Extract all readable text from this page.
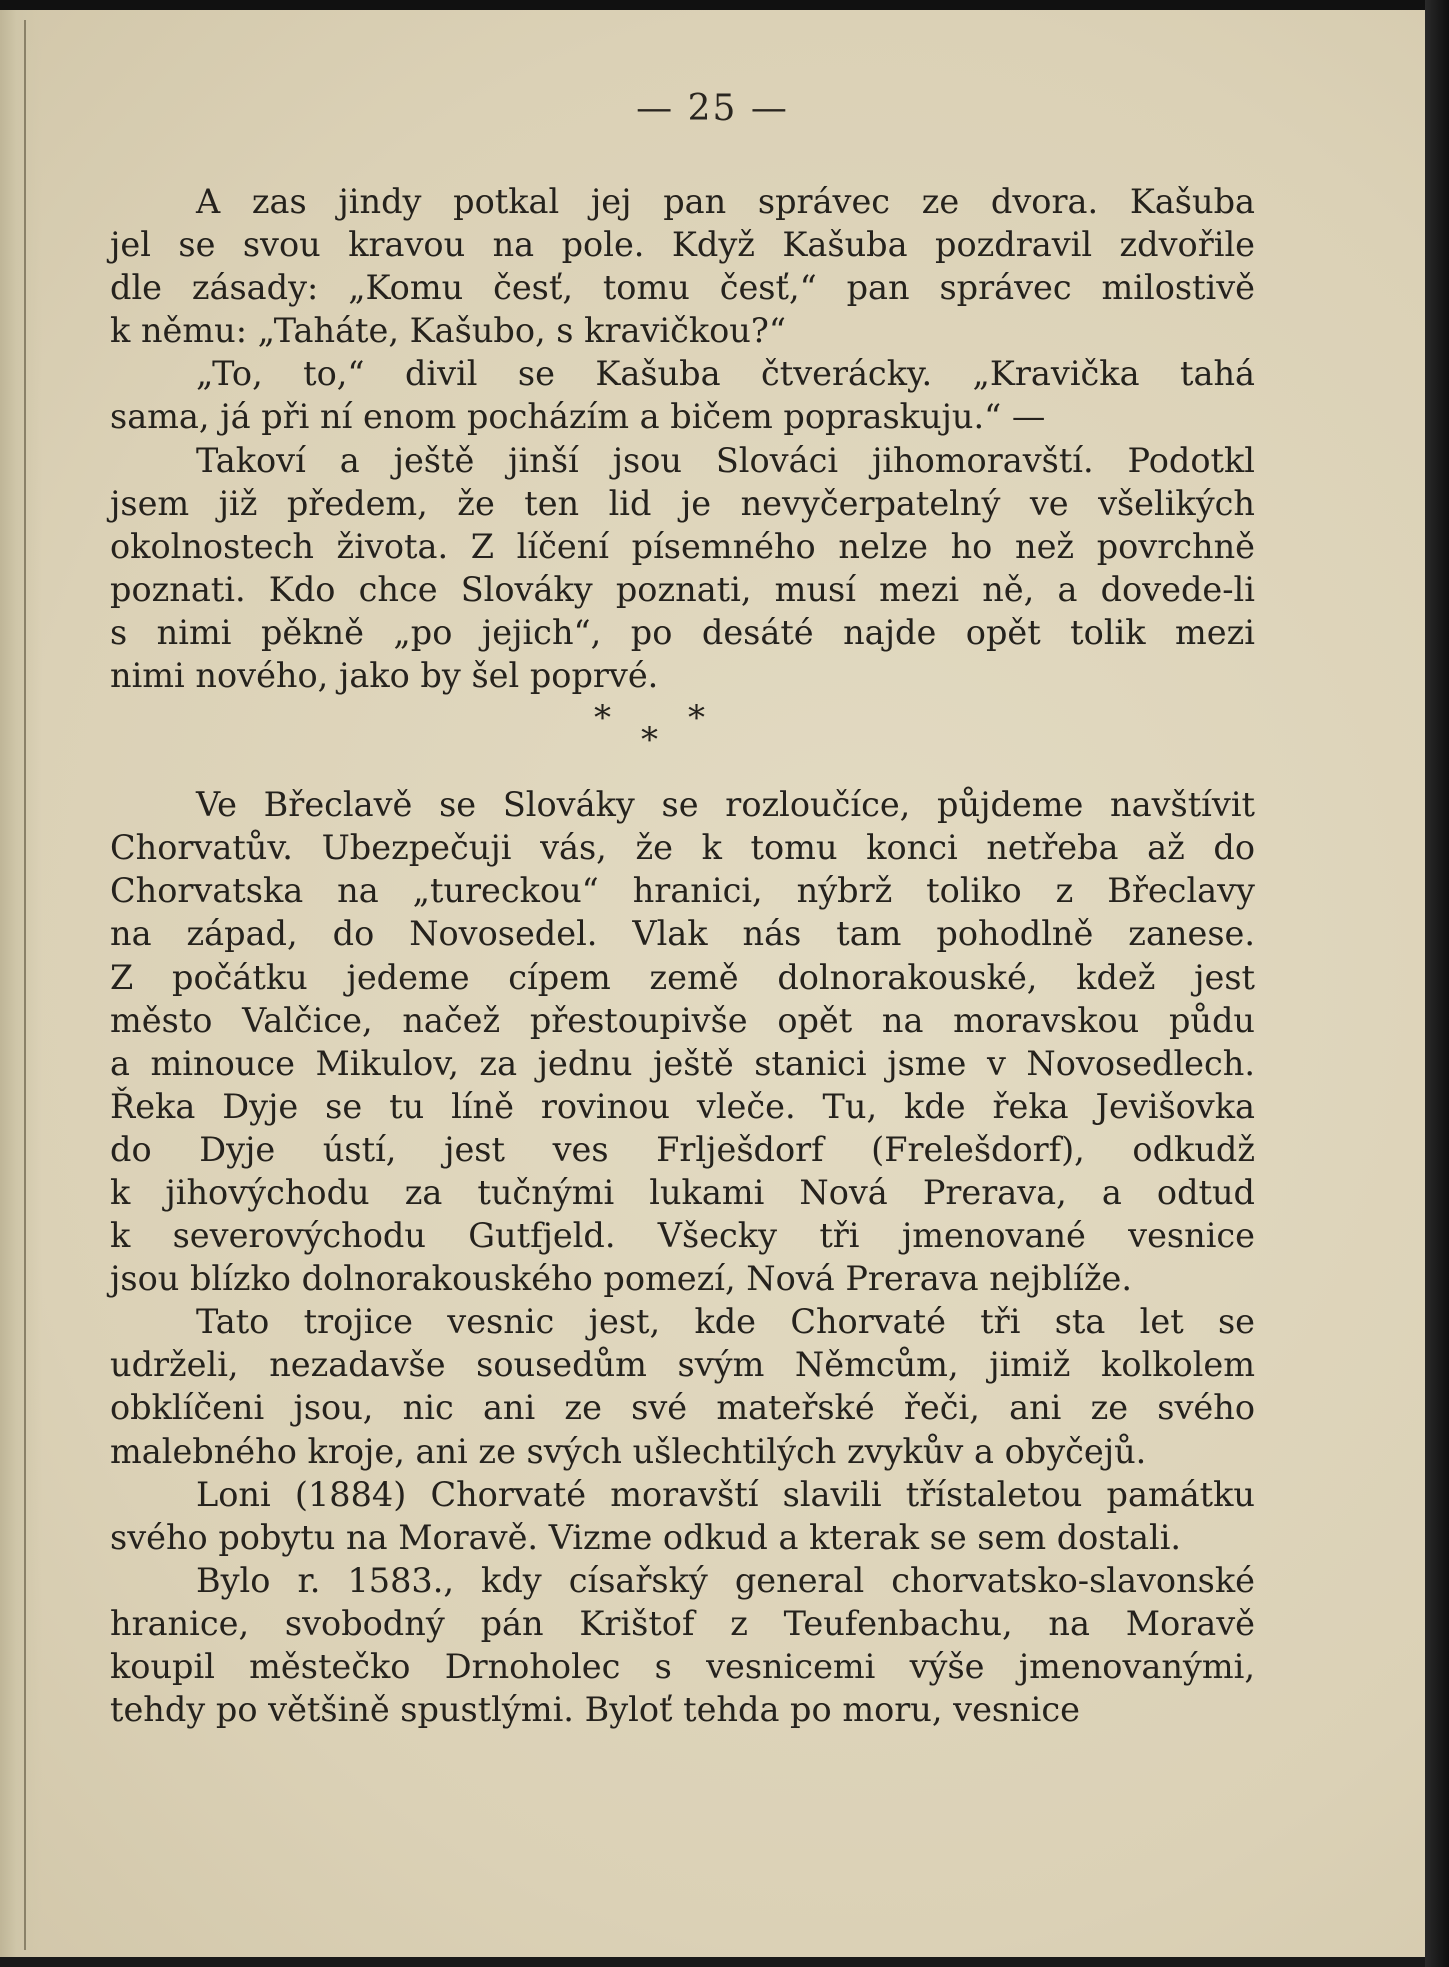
— 25 —
A zas jindy potkal jej pan správec ze dvora. Kašuba
jel se svou kravou na pole. Když Kašuba pozdravil zdvořile
dle zásady: „Komu česť, tomu česť,“ pan správec milostivě
k němu: „Taháte, Kašubo, s kravičkou?“
„To, to,“ divil se Kašuba čtverácky. „Kravička tahá
sama, já při ní enom pocházím a bičem popraskuju.“ —
Takoví a ještě jinší jsou Slováci jihomoravští. Podotkl
jsem již předem, že ten lid je nevyčerpatelný ve všelikých
okolnostech života. Z líčení písemného nelze ho než povrchně
poznati. Kdo chce Slováky poznati, musí mezi ně, a dovede-li
s nimi pěkně „po jejich“, po desáté najde opět tolik mezi
nimi nového, jako by šel poprvé.
*
*
*
Ve Břeclavě se Slováky se rozloučíce, půjdeme navštívit
Chorvatův. Ubezpečuji vás, že k tomu konci netřeba až do
Chorvatska na „tureckou“ hranici, nýbrž toliko z Břeclavy
na západ, do Novosedel. Vlak nás tam pohodlně zanese.
Z počátku jedeme cípem země dolnorakouské, kdež jest
město Valčice, načež přestoupivše opět na moravskou půdu
a minouce Mikulov, za jednu ještě stanici jsme v Novosedlech.
Řeka Dyje se tu líně rovinou vleče. Tu, kde řeka Jevišovka
do Dyje ústí, jest ves Frlješdorf (Frelešdorf), odkudž
k jihovýchodu za tučnými lukami Nová Prerava, a odtud
k severovýchodu Gutfjeld. Všecky tři jmenované vesnice
jsou blízko dolnorakouského pomezí, Nová Prerava nejblíže.
Tato trojice vesnic jest, kde Chorvaté tři sta let se
udrželi, nezadavše sousedům svým Němcům, jimiž kolkolem
obklíčeni jsou, nic ani ze své mateřské řeči, ani ze svého
malebného kroje, ani ze svých ušlechtilých zvykův a obyčejů.
Loni (1884) Chorvaté moravští slavili třístaletou památku
svého pobytu na Moravě. Vizme odkud a kterak se sem dostali.
Bylo r. 1583., kdy císařský general chorvatsko-slavonské
hranice, svobodný pán Krištof z Teufenbachu, na Moravě
koupil městečko Drnoholec s vesnicemi výše jmenovanými,
tehdy po většině spustlými. Byloť tehda po moru, vesnice
